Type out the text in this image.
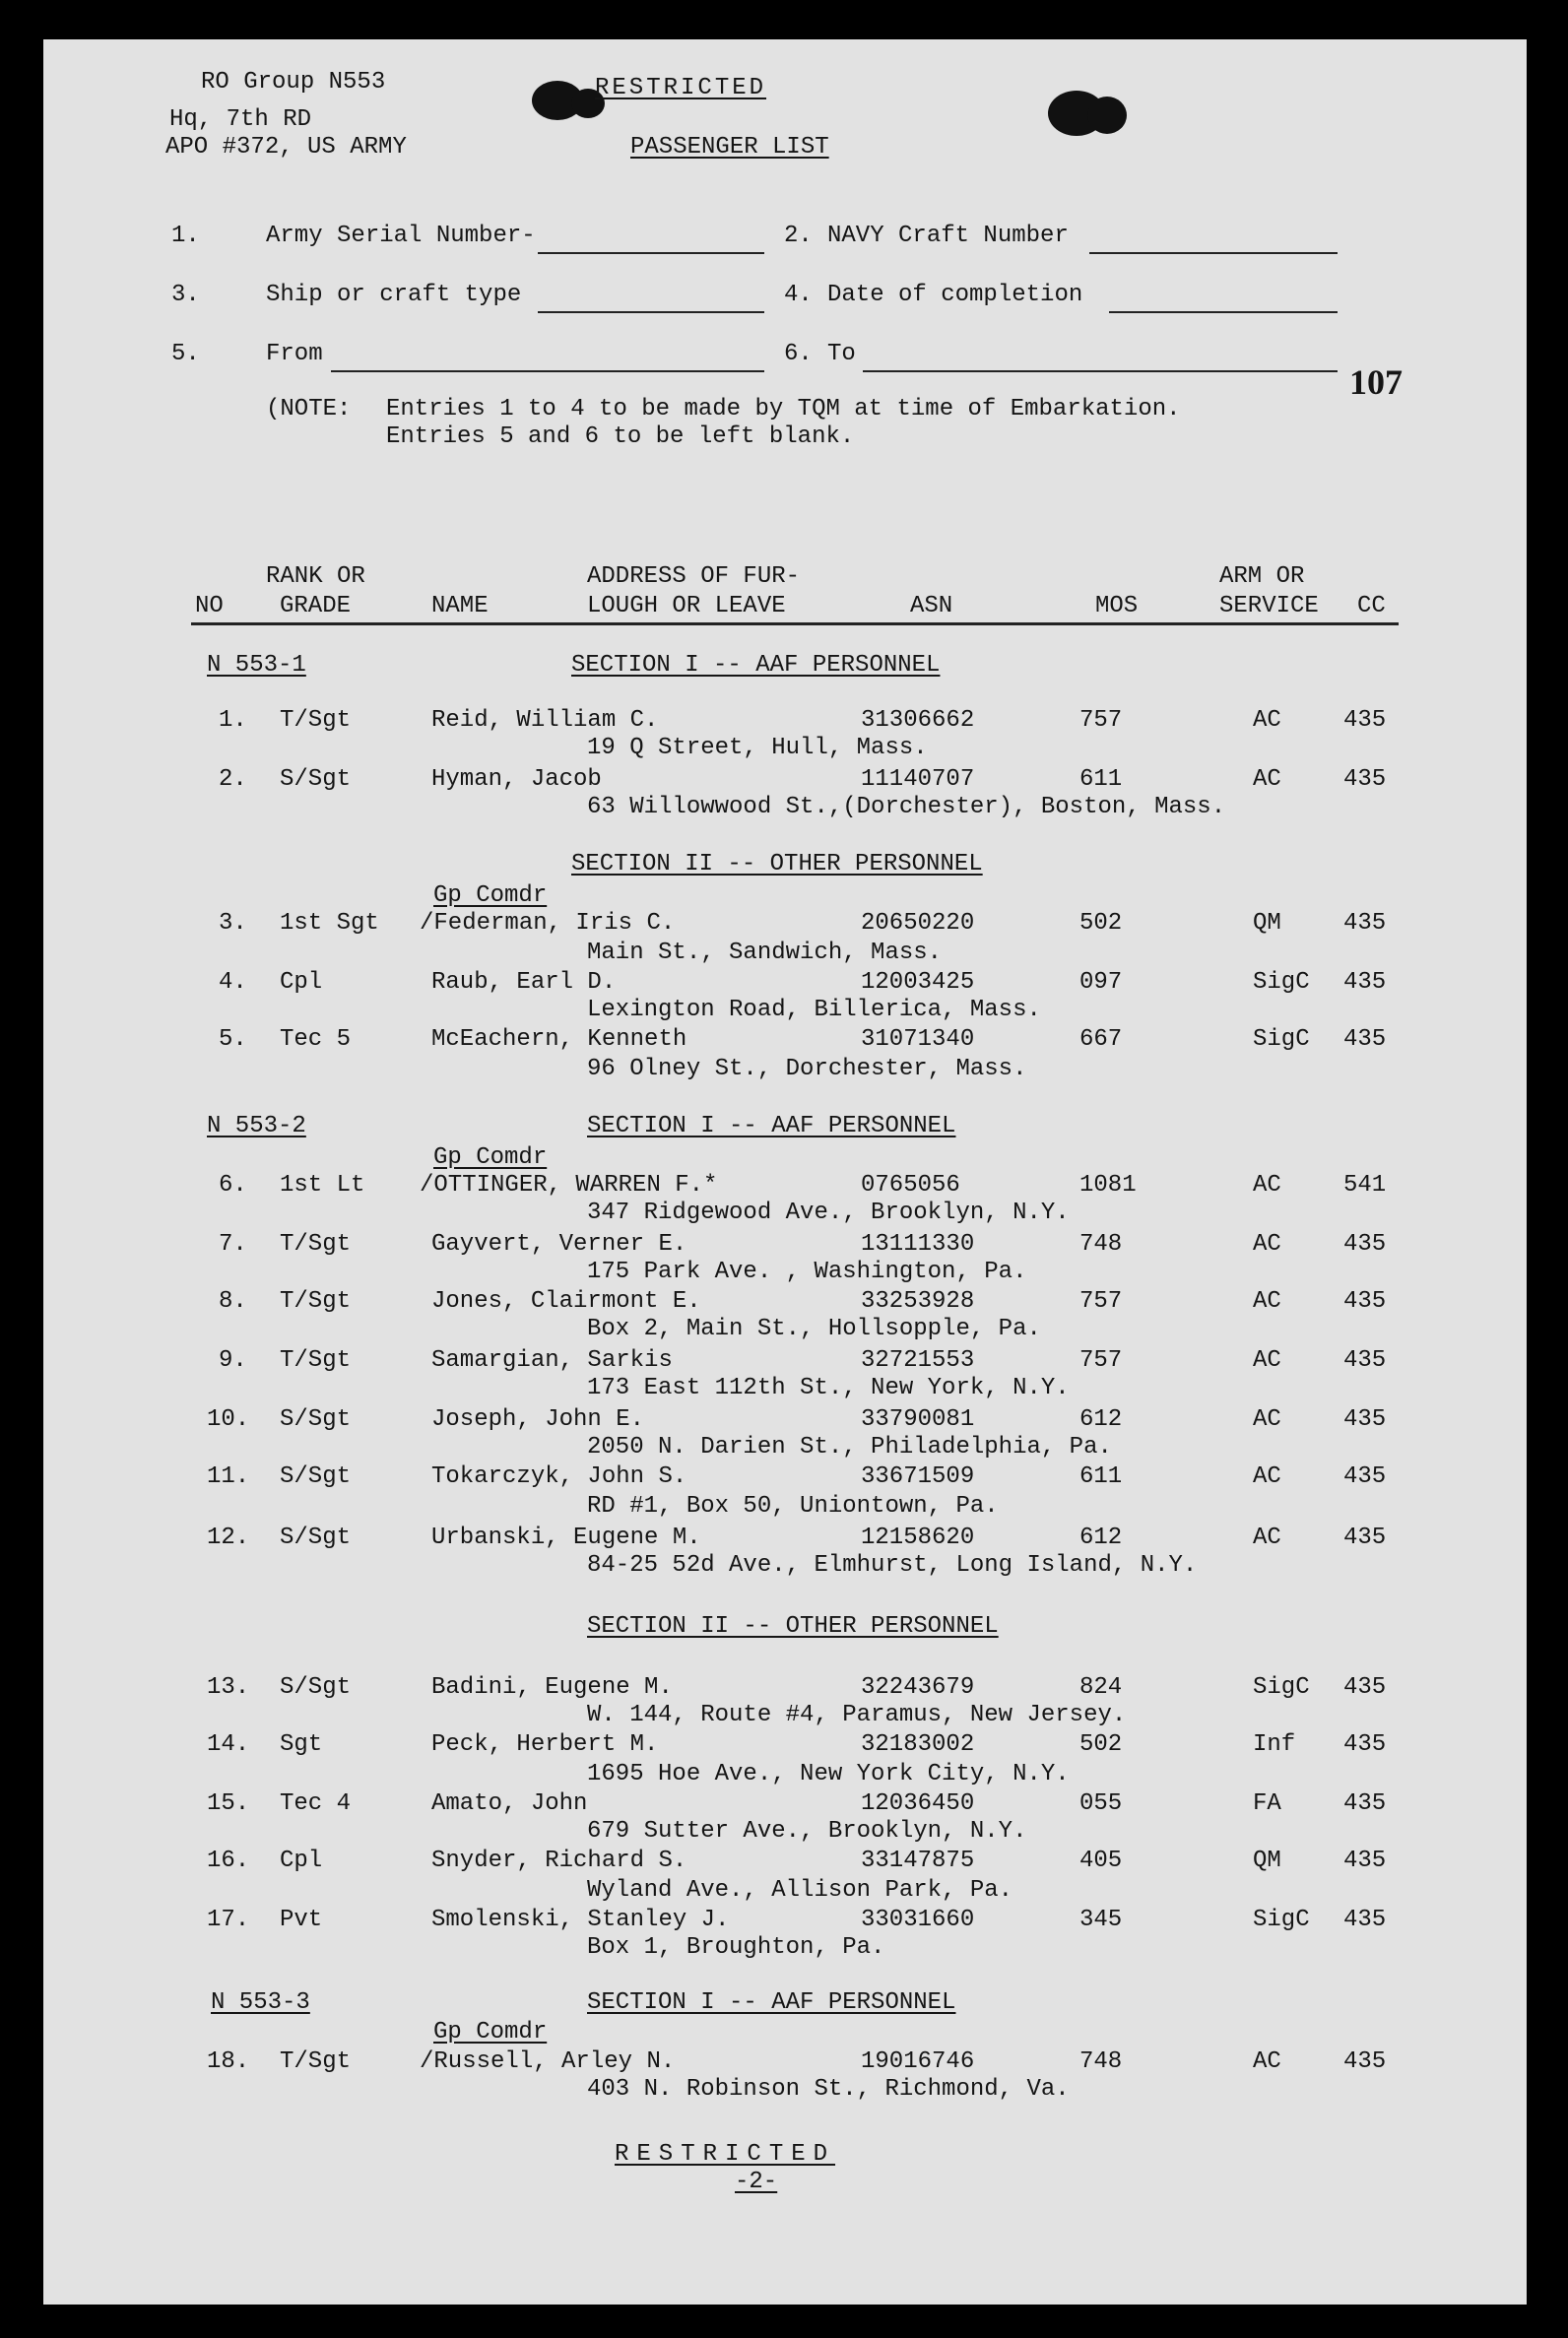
RO Group N553
Hq, 7th RD
APO #372, US ARMY
RESTRICTED
PASSENGER LIST
1.	Army Serial Number-	2. NAVY Craft Number
3.	Ship or craft type	4. Date of completion
5.	From	6. To
(NOTE: Entries 1 to 4 to be made by TQM at time of Embarkation.
Entries 5 and 6 to be left blank.
107
RANK OR
NO GRADE	NAME
ADDRESS OF FUR-
LOUGH OR LEAVE	ASN	MOS
ARM OR
SERVICE CC
N 553-1	SECTION I -- AAF PERSONNEL
1. T/Sgt	Reid, William C.	31306662	757	AC	435
19 Q Street, Hull, Mass.
2. S/Sgt	Hyman, Jacob	11140707	611	AC	435
63 Willowwood St.,(Dorchester), Boston, Mass.
SECTION II -- OTHER PERSONNEL
Gp Comdr
3. 1st Sgt /Federman, Iris C.	20650220	502	QM	435
Main St., Sandwich, Mass.
4. Cpl	Raub, Earl D.	12003425	097	SigC 435
Lexington Road, Billerica, Mass.
5. Tec 5	McEachern, Kenneth	31071340	667	SigC 435
96 Olney St., Dorchester, Mass.
N 553-2	SECTION I -- AAF PERSONNEL
Gp Comdr
6. 1st Lt /OTTINGER, WARREN F.*	0765056	1081	AC	541
347 Ridgewood Ave., Brooklyn, N.Y.
7. T/Sgt	Gayvert, Verner E.	13111330	748	AC	435
175 Park Ave. , Washington, Pa.
8. T/Sgt	Jones, Clairmont E.	33253928	757	AC	435
Box 2, Main St., Hollsopple, Pa.
9. T/Sgt	Samargian, Sarkis	32721553	757	AC	435
173 East 112th St., New York, N.Y.
10. S/Sgt	Joseph, John E.	33790081	612	AC	435
2050 N. Darien St., Philadelphia, Pa.
11. S/Sgt	Tokarczyk, John S.	33671509	611	AC	435
RD #1, Box 50, Uniontown, Pa.
12. S/Sgt	Urbanski, Eugene M.	12158620	612	AC	435
84-25 52d Ave., Elmhurst, Long Island, N.Y.
SECTION II -- OTHER PERSONNEL
13. S/Sgt	Badini, Eugene M.	32243679	824	SigC 435
W. 144, Route #4, Paramus, New Jersey.
14. Sgt	Peck, Herbert M.	32183002	502	Inf 435
1695 Hoe Ave., New York City, N.Y.
15. Tec 4	Amato, John	12036450	055	FA	435
679 Sutter Ave., Brooklyn, N.Y.
16. Cpl	Snyder, Richard S.	33147875	405	QM	435
Wyland Ave., Allison Park, Pa.
17. Pvt	Smolenski, Stanley J.	33031660	345	SigC 435
Box 1, Broughton, Pa.
N 553-3	SECTION I -- AAF PERSONNEL
Gp Comdr
18. T/Sgt	/Russell, Arley N.	19016746	748	AC	435
403 N. Robinson St., Richmond, Va.
RESTRICTED
-2-
